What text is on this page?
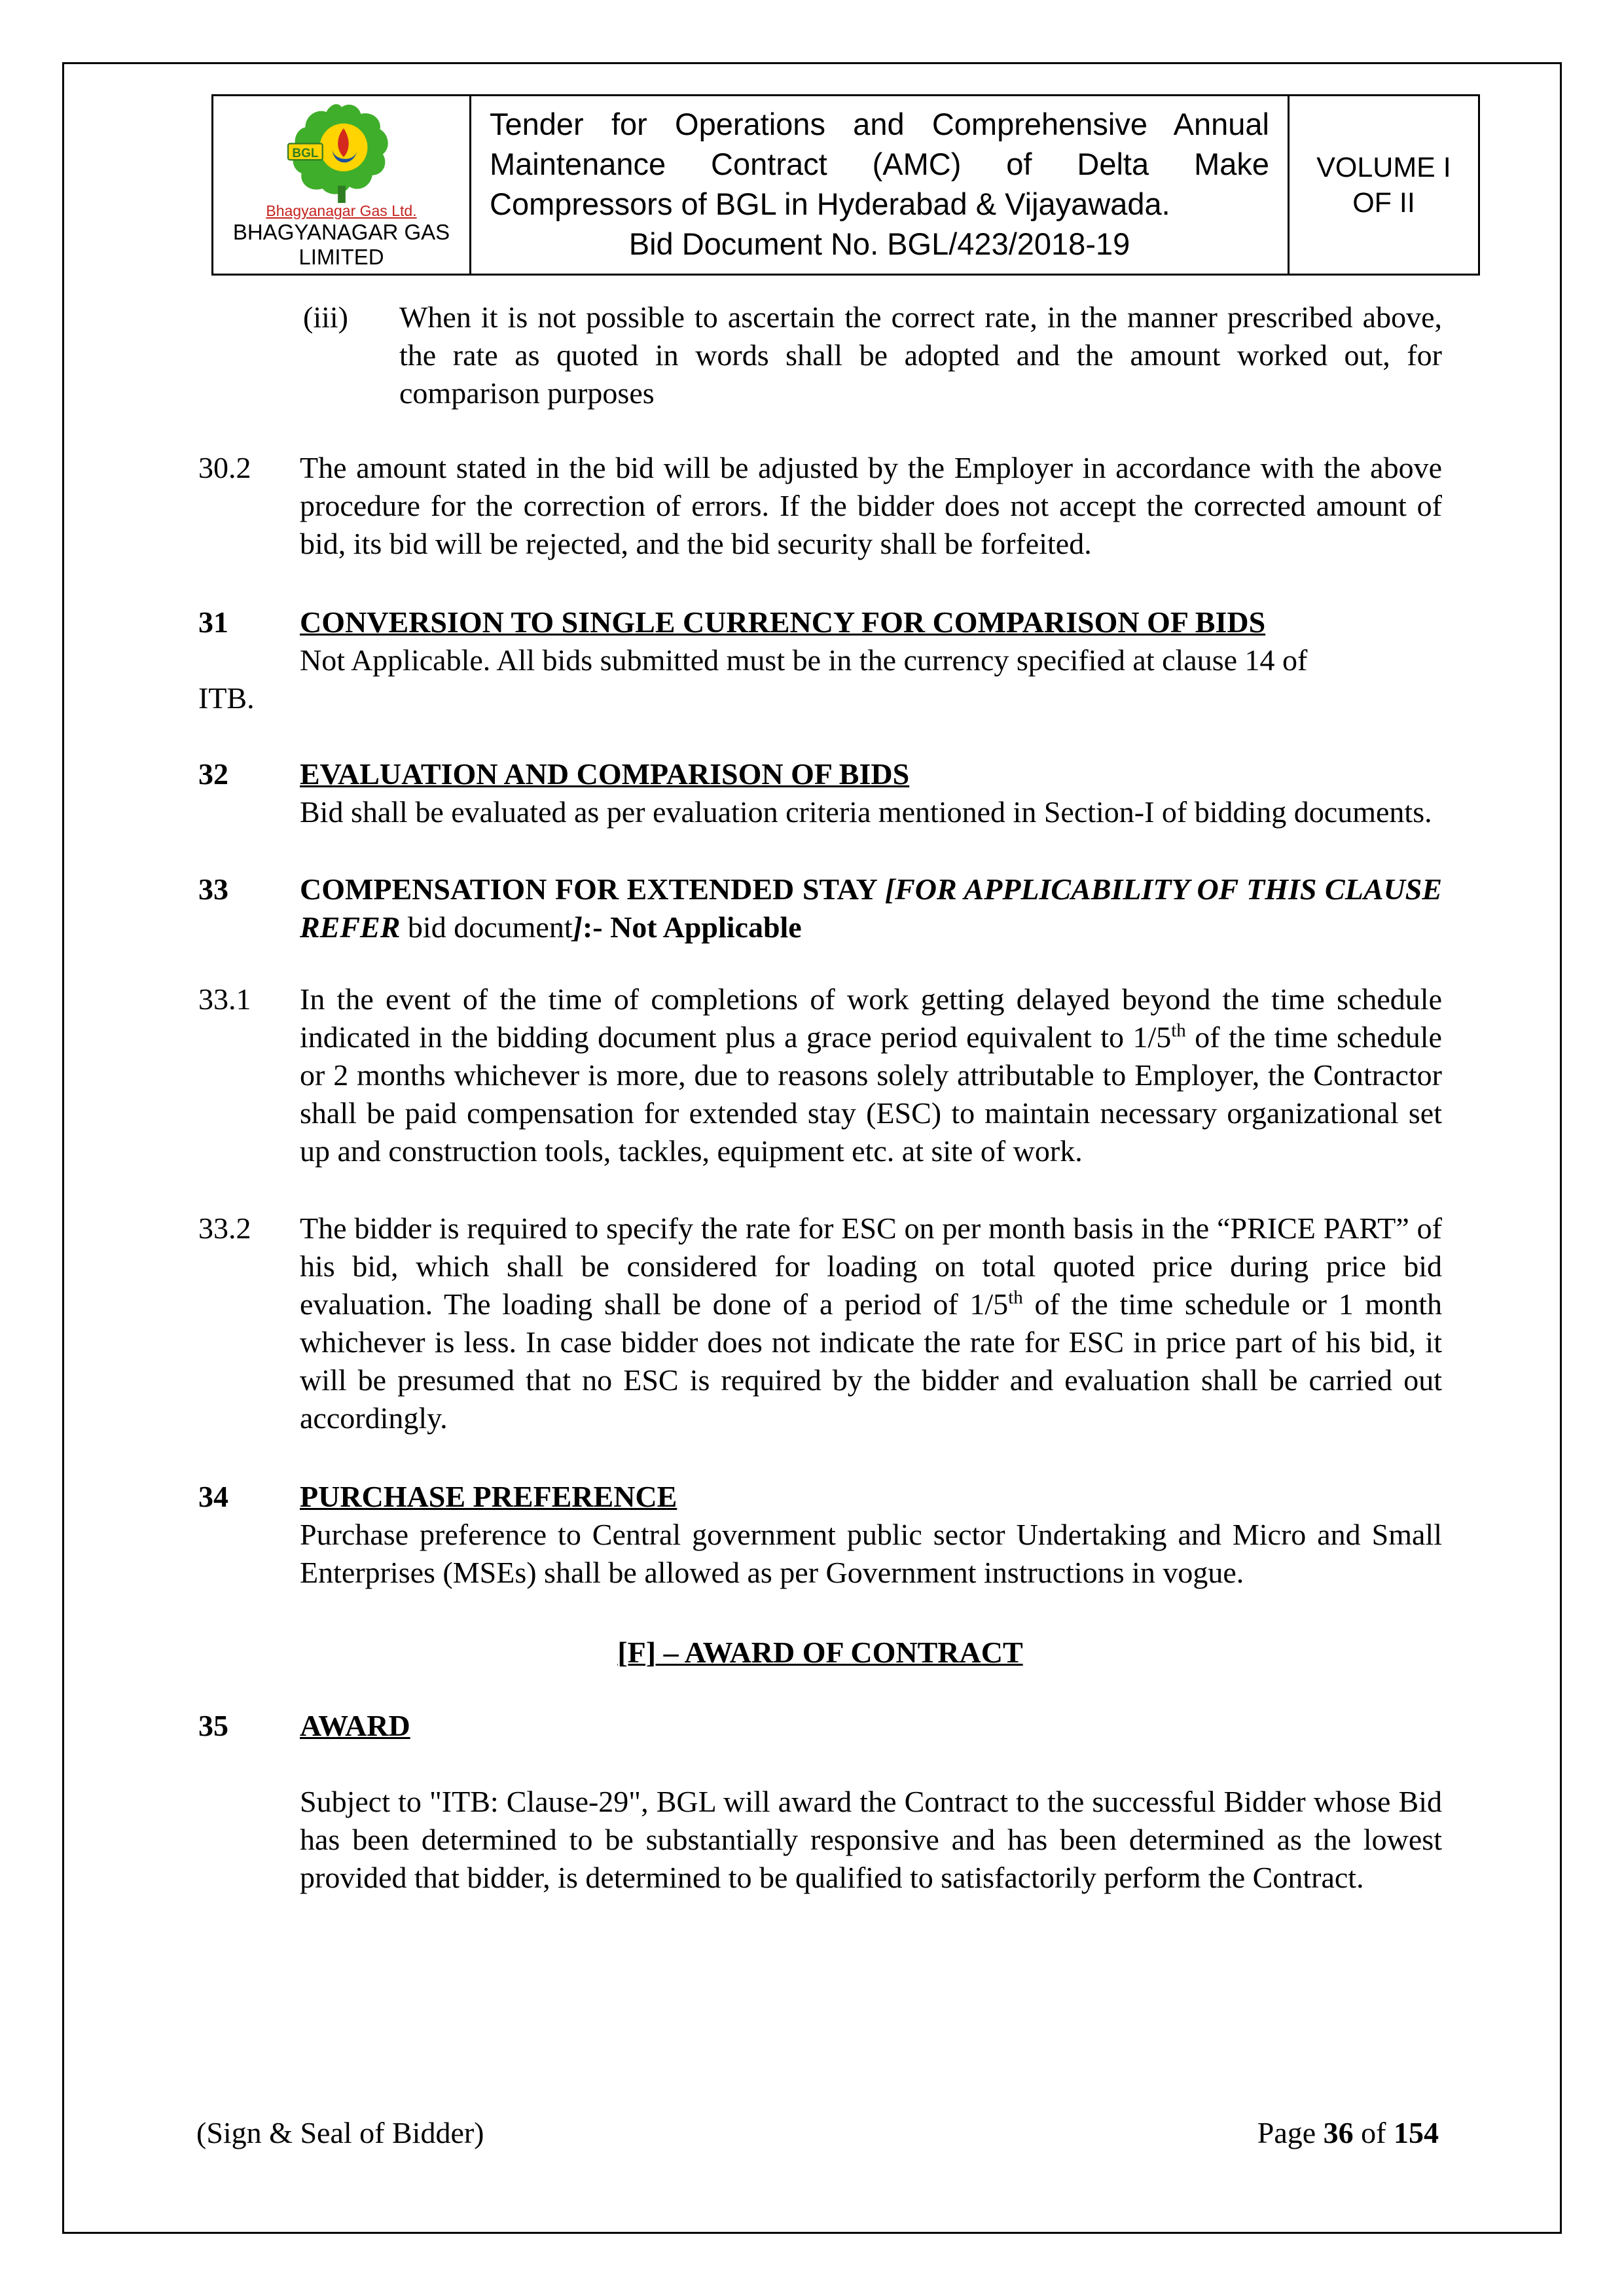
BGL
Bhagyanagar Gas Ltd.
BHAGYANAGAR GAS
LIMITED
Tender for Operations and Comprehensive Annual
Maintenance Contract (AMC) of Delta Make
Compressors of BGL in Hyderabad & Vijayawada.
Bid Document No. BGL/423/2018-19
VOLUME I
OF II
(iii)	When it is not possible to ascertain the correct rate, in the manner prescribed above, the rate as quoted in words shall be adopted and the amount worked out, for comparison purposes
30.2	The amount stated in the bid will be adjusted by the Employer in accordance with the above procedure for the correction of errors. If the bidder does not accept the corrected amount of bid, its bid will be rejected, and the bid security shall be forfeited.
31	CONVERSION TO SINGLE CURRENCY FOR COMPARISON OF BIDS
Not Applicable. All bids submitted must be in the currency specified at clause 14 of
ITB.
32	EVALUATION AND COMPARISON OF BIDS
Bid shall be evaluated as per evaluation criteria mentioned in Section-I of bidding documents.
33	COMPENSATION FOR EXTENDED STAY [FOR APPLICABILITY OF THIS CLAUSE REFER bid document]:- Not Applicable
33.1	In the event of the time of completions of work getting delayed beyond the time schedule indicated in the bidding document plus a grace period equivalent to 1/5th of the time schedule or 2 months whichever is more, due to reasons solely attributable to Employer, the Contractor shall be paid compensation for extended stay (ESC) to maintain necessary organizational set up and construction tools, tackles, equipment etc. at site of work.
33.2	The bidder is required to specify the rate for ESC on per month basis in the “PRICE PART” of his bid, which shall be considered for loading on total quoted price during price bid evaluation. The loading shall be done of a period of 1/5th of the time schedule or 1 month whichever is less. In case bidder does not indicate the rate for ESC in price part of his bid, it will be presumed that no ESC is required by the bidder and evaluation shall be carried out accordingly.
34	PURCHASE PREFERENCE
Purchase preference to Central government public sector Undertaking and Micro and Small Enterprises (MSEs) shall be allowed as per Government instructions in vogue.
[F] – AWARD OF CONTRACT
35	AWARD
Subject to "ITB: Clause-29", BGL will award the Contract to the successful Bidder whose Bid has been determined to be substantially responsive and has been determined as the lowest provided that bidder, is determined to be qualified to satisfactorily perform the Contract.
(Sign & Seal of Bidder)	Page 36 of 154
